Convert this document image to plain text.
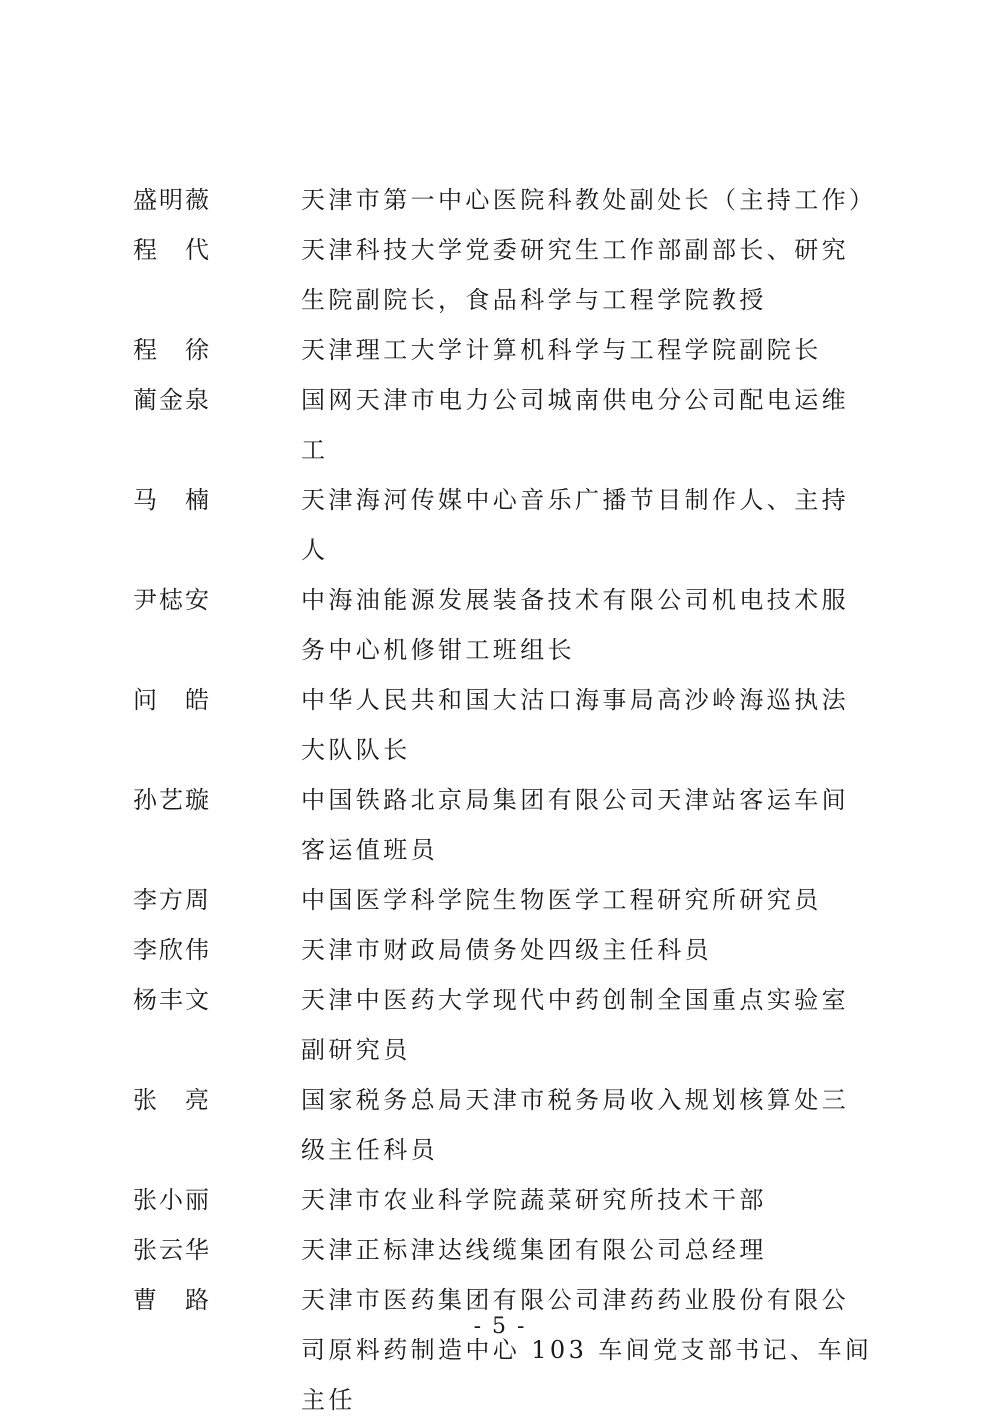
盛明薇	天津市第一中心医院科教处副处长（主持工作）
程　代	天津科技大学党委研究生工作部副部长、研究生院副院长，食品科学与工程学院教授
程　徐	天津理工大学计算机科学与工程学院副院长
蔺金泉	国网天津市电力公司城南供电分公司配电运维工
马　楠	天津海河传媒中心音乐广播节目制作人、主持人
尹梽安	中海油能源发展装备技术有限公司机电技术服务中心机修钳工班组长
问　皓	中华人民共和国大沽口海事局高沙岭海巡执法大队队长
孙艺璇	中国铁路北京局集团有限公司天津站客运车间客运值班员
李方周	中国医学科学院生物医学工程研究所研究员
李欣伟	天津市财政局债务处四级主任科员
杨丰文	天津中医药大学现代中药创制全国重点实验室副研究员
张　亮	国家税务总局天津市税务局收入规划核算处三级主任科员
张小丽	天津市农业科学院蔬菜研究所技术干部
张云华	天津正标津达线缆集团有限公司总经理
曹　路	天津市医药集团有限公司津药药业股份有限公司原料药制造中心 103 车间党支部书记、车间主任
- 5 -
